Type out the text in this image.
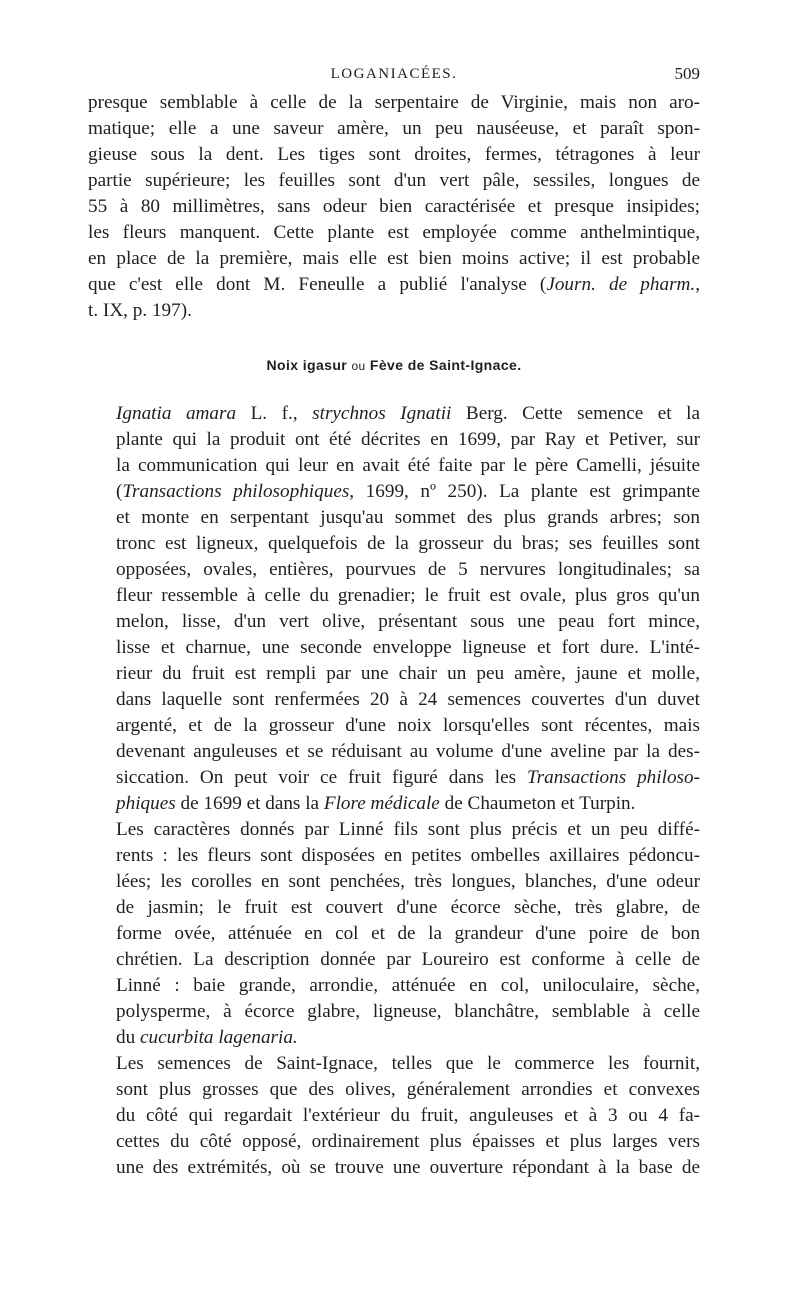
LOGANIACÉES.	509

presque semblable à celle de la serpentaire de Virginie, mais non aro-
matique; elle a une saveur amère, un peu nauséeuse, et paraît spon-
gieuse sous la dent. Les tiges sont droites, fermes, tétragones à leur
partie supérieure; les feuilles sont d'un vert pâle, sessiles, longues de
55 à 80 millimètres, sans odeur bien caractérisée et presque insipides;
les fleurs manquent. Cette plante est employée comme anthelmintique,
en place de la première, mais elle est bien moins active; il est probable
que c'est elle dont M. Feneulle a publié l'analyse (Journ. de pharm.,
t. IX, p. 197).

Noix igasur ou Fève de Saint-Ignace.

Ignatia amara L. f., strychnos Ignatii Berg. Cette semence et la
plante qui la produit ont été décrites en 1699, par Ray et Petiver, sur
la communication qui leur en avait été faite par le père Camelli, jésuite
(Transactions philosophiques, 1699, nº 250). La plante est grimpante
et monte en serpentant jusqu'au sommet des plus grands arbres; son
tronc est ligneux, quelquefois de la grosseur du bras; ses feuilles sont
opposées, ovales, entières, pourvues de 5 nervures longitudinales; sa
fleur ressemble à celle du grenadier; le fruit est ovale, plus gros qu'un
melon, lisse, d'un vert olive, présentant sous une peau fort mince,
lisse et charnue, une seconde enveloppe ligneuse et fort dure. L'inté-
rieur du fruit est rempli par une chair un peu amère, jaune et molle,
dans laquelle sont renfermées 20 à 24 semences couvertes d'un duvet
argenté, et de la grosseur d'une noix lorsqu'elles sont récentes, mais
devenant anguleuses et se réduisant au volume d'une aveline par la des-
siccation. On peut voir ce fruit figuré dans les Transactions philoso-
phiques de 1699 et dans la Flore médicale de Chaumeton et Turpin.

Les caractères donnés par Linné fils sont plus précis et un peu diffé-
rents : les fleurs sont disposées en petites ombelles axillaires pédoncu-
lées; les corolles en sont penchées, très longues, blanches, d'une odeur
de jasmin; le fruit est couvert d'une écorce sèche, très glabre, de
forme ovée, atténuée en col et de la grandeur d'une poire de bon
chrétien. La description donnée par Loureiro est conforme à celle de
Linné : baie grande, arrondie, atténuée en col, uniloculaire, sèche,
polysperme, à écorce glabre, ligneuse, blanchâtre, semblable à celle
du cucurbita lagenaria.

Les semences de Saint-Ignace, telles que le commerce les fournit,
sont plus grosses que des olives, généralement arrondies et convexes
du côté qui regardait l'extérieur du fruit, anguleuses et à 3 ou 4 fa-
cettes du côté opposé, ordinairement plus épaisses et plus larges vers
une des extrémités, où se trouve une ouverture répondant à la base de
